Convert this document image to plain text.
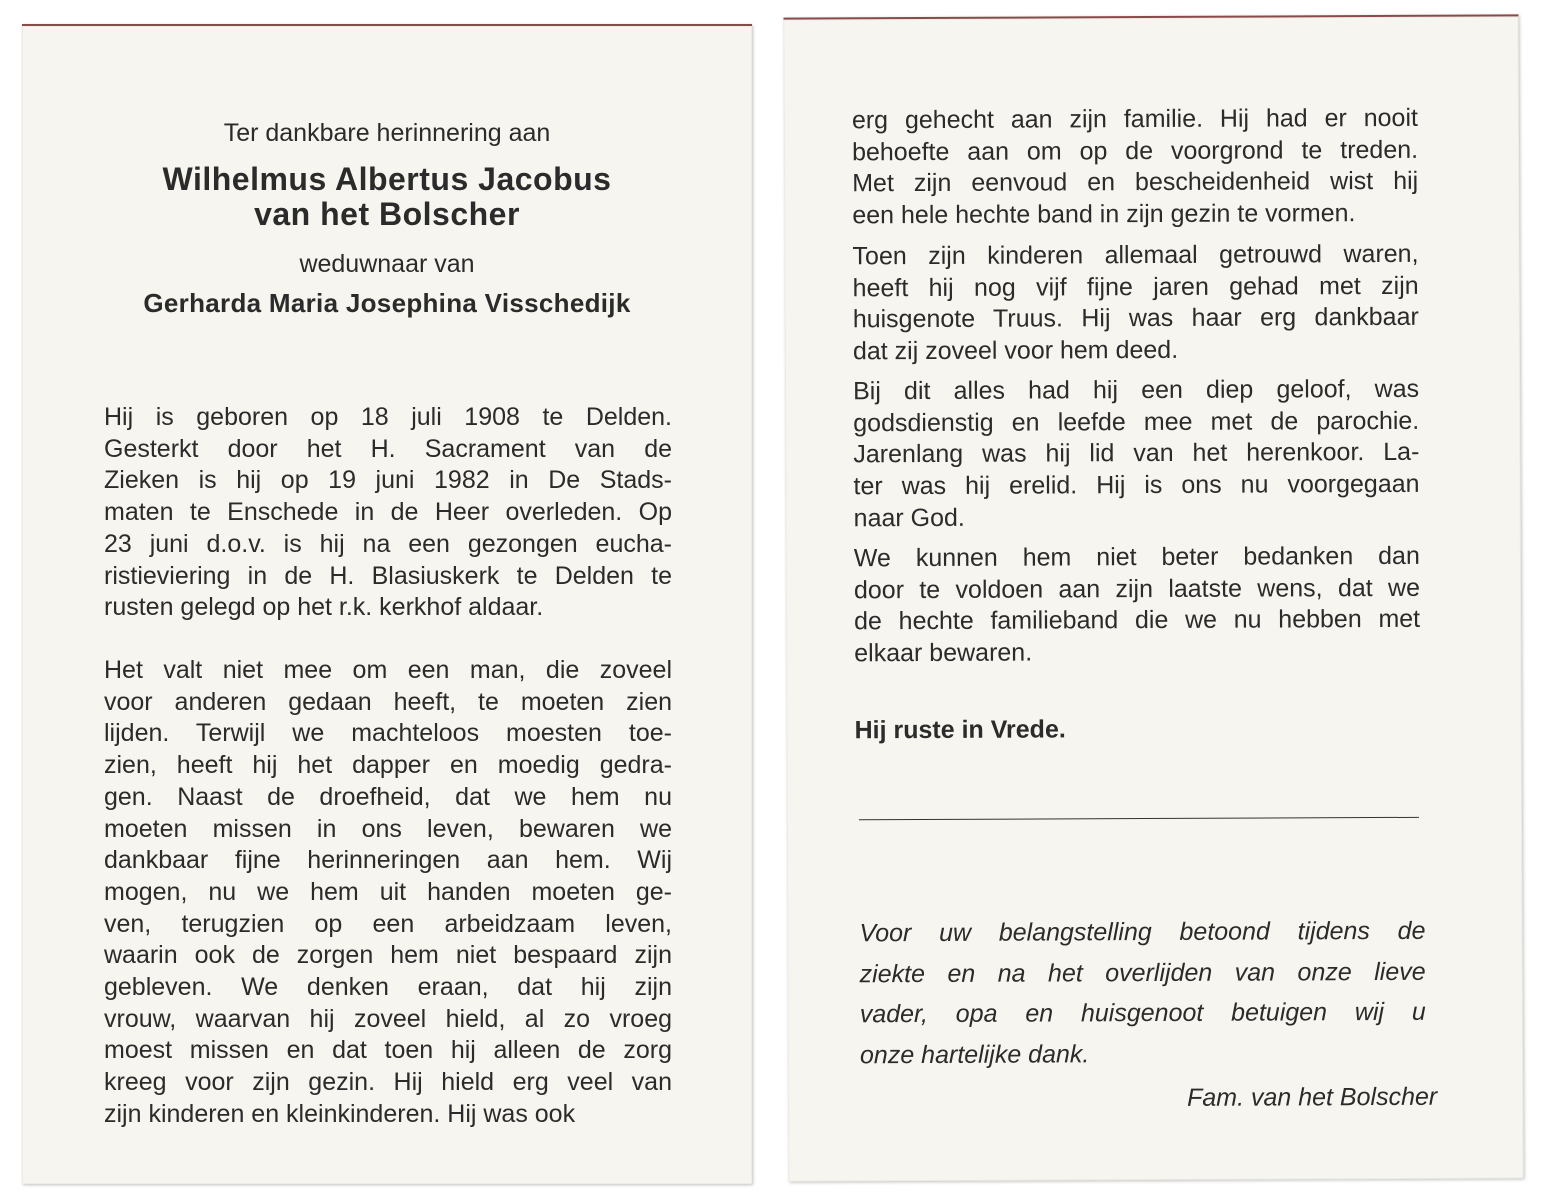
Ter dankbare herinnering aan
Wilhelmus Albertus Jacobus
van het Bolscher
weduwnaar van
Gerharda Maria Josephina Visschedijk

Hij is geboren op 18 juli 1908 te Delden.
Gesterkt door het H. Sacrament van de
Zieken is hij op 19 juni 1982 in De Stads-
maten te Enschede in de Heer overleden. Op
23 juni d.o.v. is hij na een gezongen eucha-
ristieviering in de H. Blasiuskerk te Delden te
rusten gelegd op het r.k. kerkhof aldaar.

Het valt niet mee om een man, die zoveel
voor anderen gedaan heeft, te moeten zien
lijden. Terwijl we machteloos moesten toe-
zien, heeft hij het dapper en moedig gedra-
gen. Naast de droefheid, dat we hem nu
moeten missen in ons leven, bewaren we
dankbaar fijne herinneringen aan hem. Wij
mogen, nu we hem uit handen moeten ge-
ven, terugzien op een arbeidzaam leven,
waarin ook de zorgen hem niet bespaard zijn
gebleven. We denken eraan, dat hij zijn
vrouw, waarvan hij zoveel hield, al zo vroeg
moest missen en dat toen hij alleen de zorg
kreeg voor zijn gezin. Hij hield erg veel van
zijn kinderen en kleinkinderen. Hij was ook

erg gehecht aan zijn familie. Hij had er nooit
behoefte aan om op de voorgrond te treden.
Met zijn eenvoud en bescheidenheid wist hij
een hele hechte band in zijn gezin te vormen.

Toen zijn kinderen allemaal getrouwd waren,
heeft hij nog vijf fijne jaren gehad met zijn
huisgenote Truus. Hij was haar erg dankbaar
dat zij zoveel voor hem deed.

Bij dit alles had hij een diep geloof, was
godsdienstig en leefde mee met de parochie.
Jarenlang was hij lid van het herenkoor. La-
ter was hij erelid. Hij is ons nu voorgegaan
naar God.

We kunnen hem niet beter bedanken dan
door te voldoen aan zijn laatste wens, dat we
de hechte familieband die we nu hebben met
elkaar bewaren.

Hij ruste in Vrede.

Voor uw belangstelling betoond tijdens de
ziekte en na het overlijden van onze lieve
vader, opa en huisgenoot betuigen wij u
onze hartelijke dank.

Fam. van het Bolscher
